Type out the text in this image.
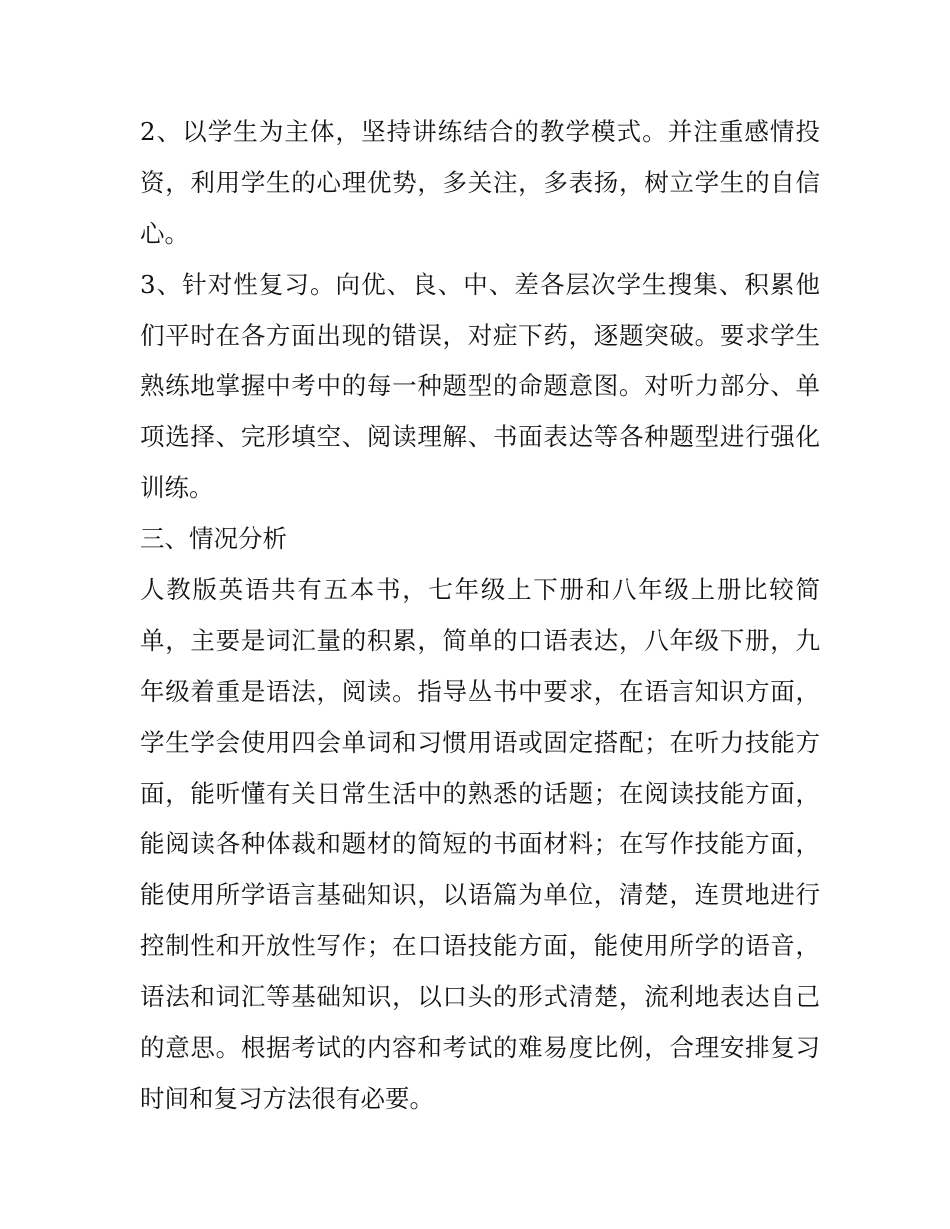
2、以学生为主体，坚持讲练结合的教学模式。并注重感情投
资，利用学生的心理优势，多关注，多表扬，树立学生的自信
心。
3、针对性复习。向优、良、中、差各层次学生搜集、积累他
们平时在各方面出现的错误，对症下药，逐题突破。要求学生
熟练地掌握中考中的每一种题型的命题意图。对听力部分、单
项选择、完形填空、阅读理解、书面表达等各种题型进行强化
训练。
三、情况分析
人教版英语共有五本书，七年级上下册和八年级上册比较简
单，主要是词汇量的积累，简单的口语表达，八年级下册，九
年级着重是语法，阅读。指导丛书中要求，在语言知识方面，
学生学会使用四会单词和习惯用语或固定搭配；在听力技能方
面，能听懂有关日常生活中的熟悉的话题；在阅读技能方面，
能阅读各种体裁和题材的简短的书面材料；在写作技能方面，
能使用所学语言基础知识，以语篇为单位，清楚，连贯地进行
控制性和开放性写作；在口语技能方面，能使用所学的语音，
语法和词汇等基础知识，以口头的形式清楚，流利地表达自己
的意思。根据考试的内容和考试的难易度比例，合理安排复习
时间和复习方法很有必要。
